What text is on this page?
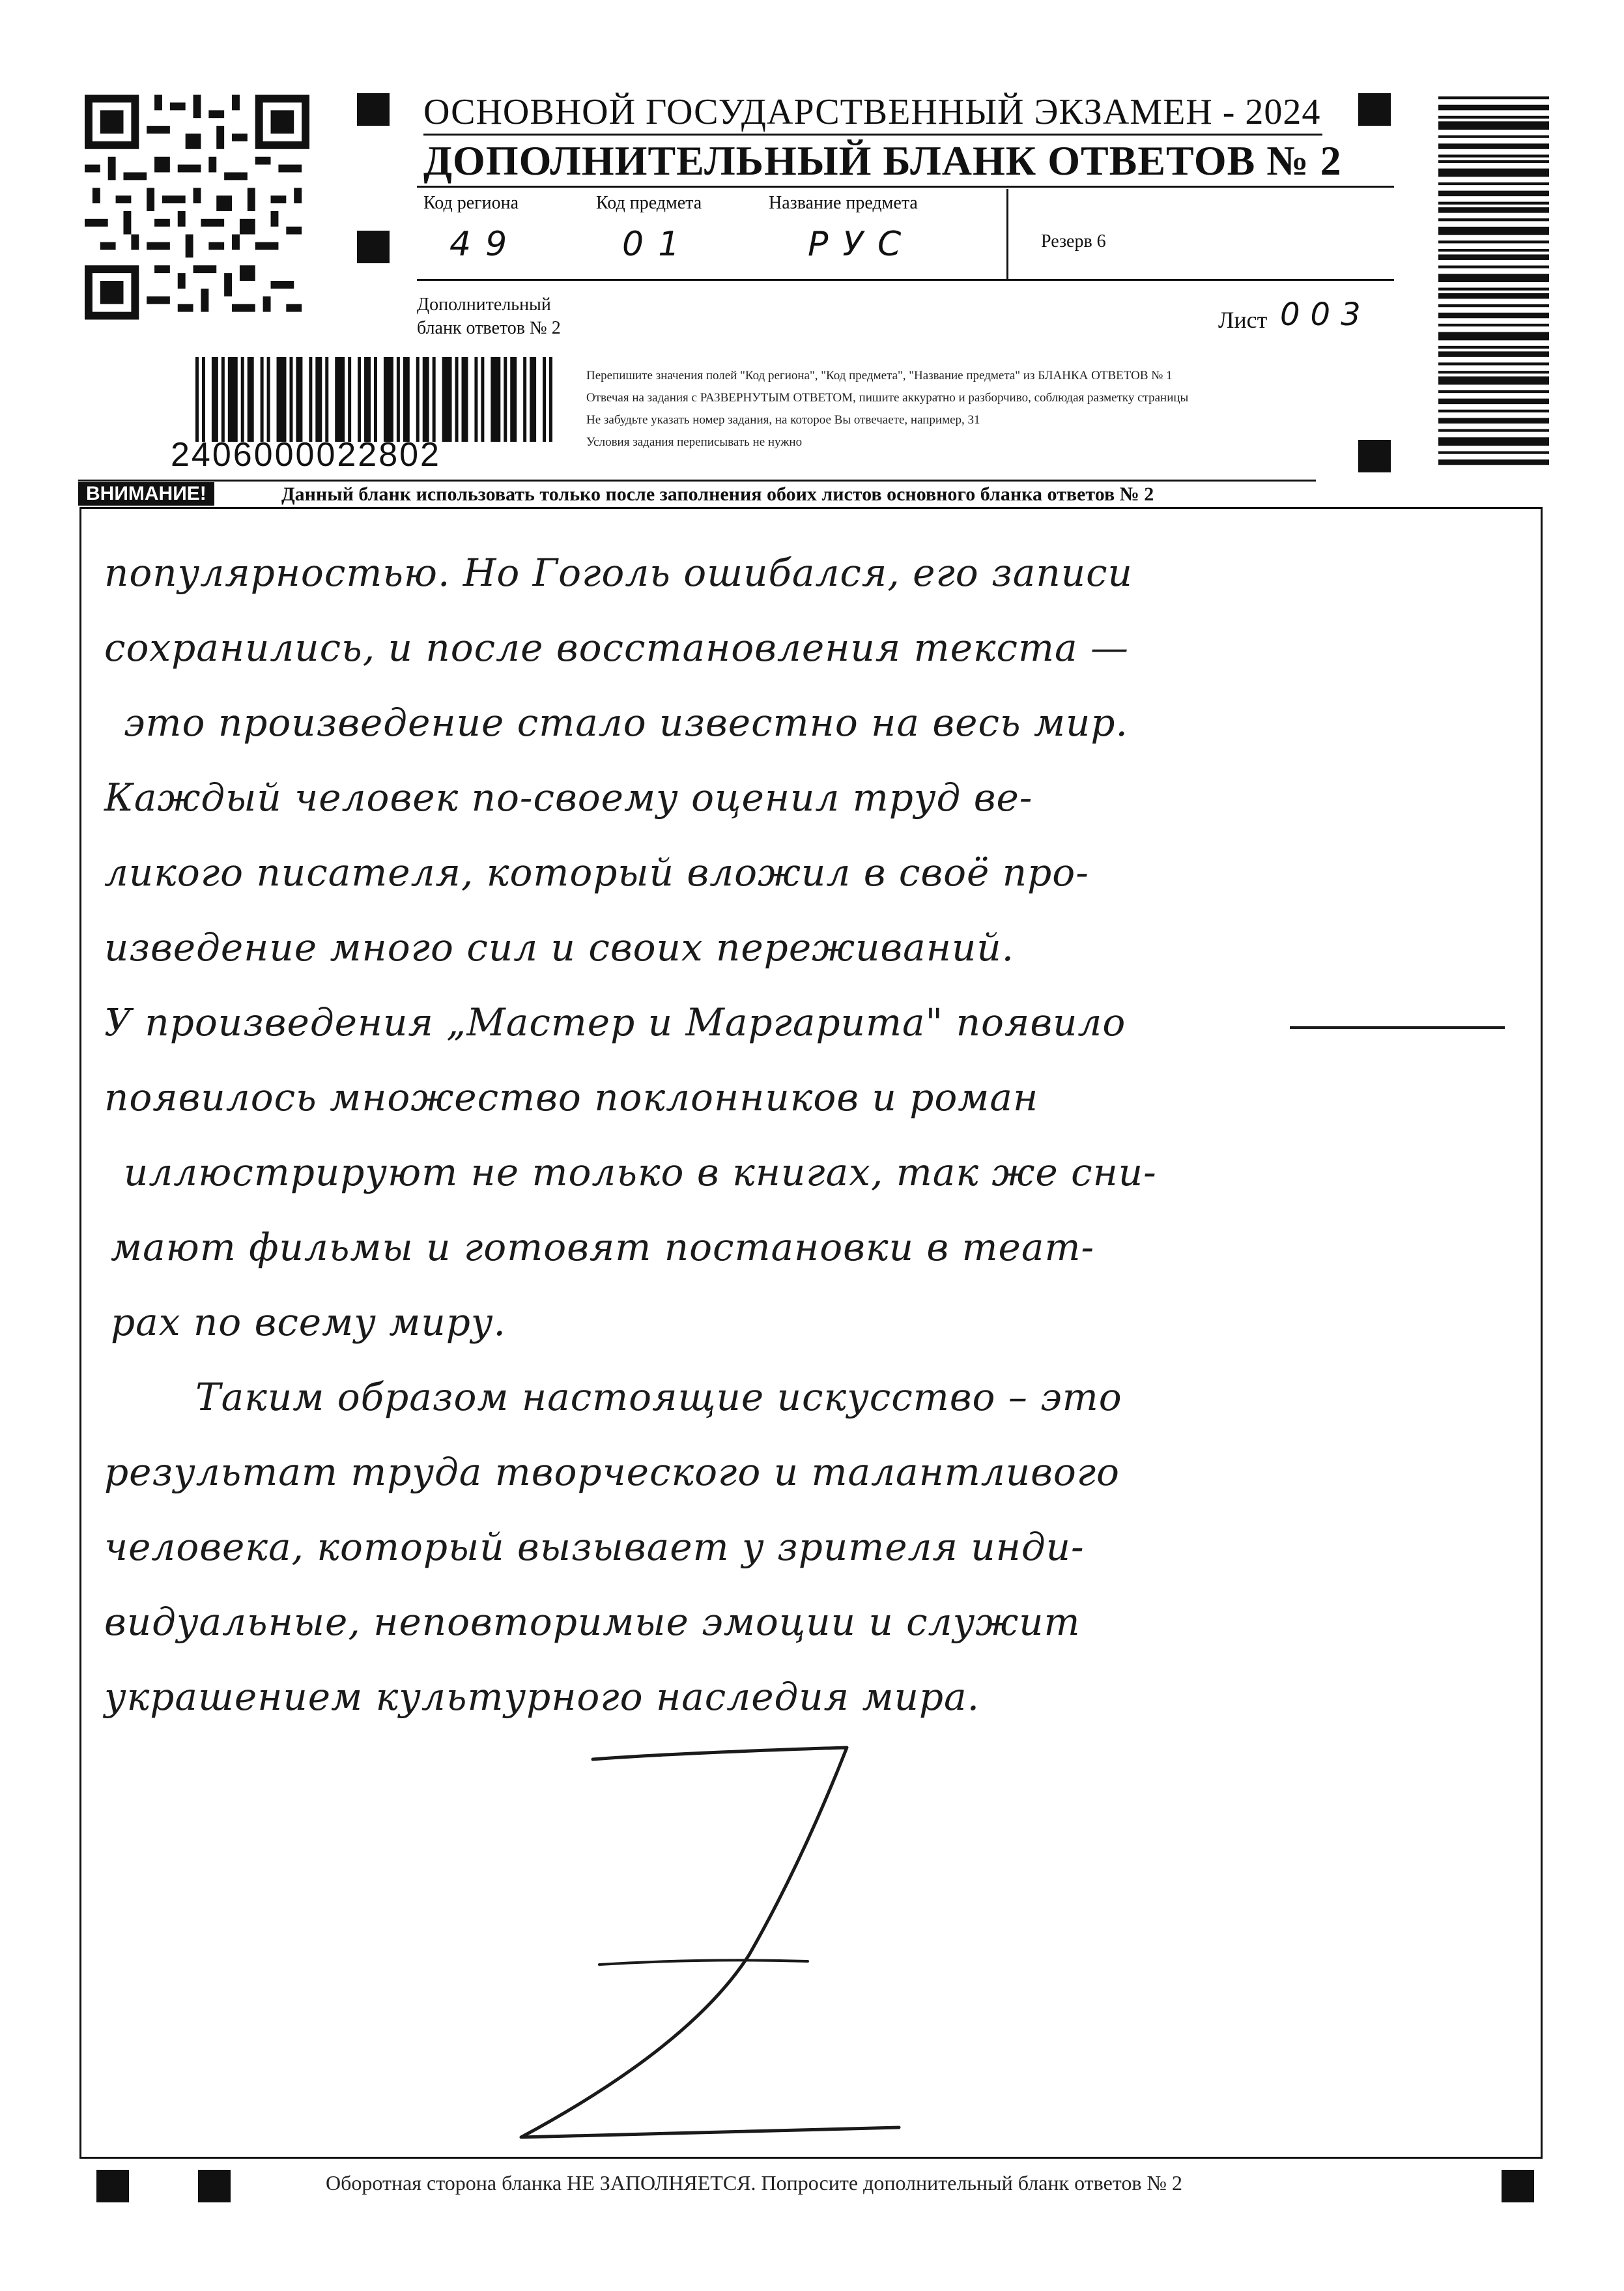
ОСНОВНОЙ ГОСУДАРСТВЕННЫЙ ЭКЗАМЕН - 2024
ДОПОЛНИТЕЛЬНЫЙ БЛАНК ОТВЕТОВ № 2
Код региона	Код предмета	Название предмета
49	01	РУС	Резерв 6
Дополнительный
бланк ответов № 2	Лист 003
2406000022802
Перепишите значения полей "Код региона", "Код предмета", "Название предмета" из БЛАНКА ОТВЕТОВ № 1
Отвечая на задания с РАЗВЕРНУТЫМ ОТВЕТОМ, пишите аккуратно и разборчиво, соблюдая разметку страницы
Не забудьте указать номер задания, на которое Вы отвечаете, например, 31
Условия задания переписывать не нужно
ВНИМАНИЕ!	Данный бланк использовать только после заполнения обоих листов основного бланка ответов № 2
популярностью. Но Гоголь ошибался, его записи
сохранились, и после восстановления текста —
это произведение стало известно на весь мир.
Каждый человек по-своему оценил труд ве-
ликого писателя, который вложил в своё про-
изведение много сил и своих переживаний.
У произведения „Мастер и Маргарита" появило
появилось множество поклонников и роман
иллюстрируют не только в книгах, так же сни-
мают фильмы и готовят постановки в теат-
рах по всему миру.
Таким образом настоящие искусство – это
результат труда творческого и талантливого
человека, который вызывает у зрителя инди-
видуальные, неповторимые эмоции и служит
украшением культурного наследия мира.
Оборотная сторона бланка НЕ ЗАПОЛНЯЕТСЯ. Попросите дополнительный бланк ответов № 2
